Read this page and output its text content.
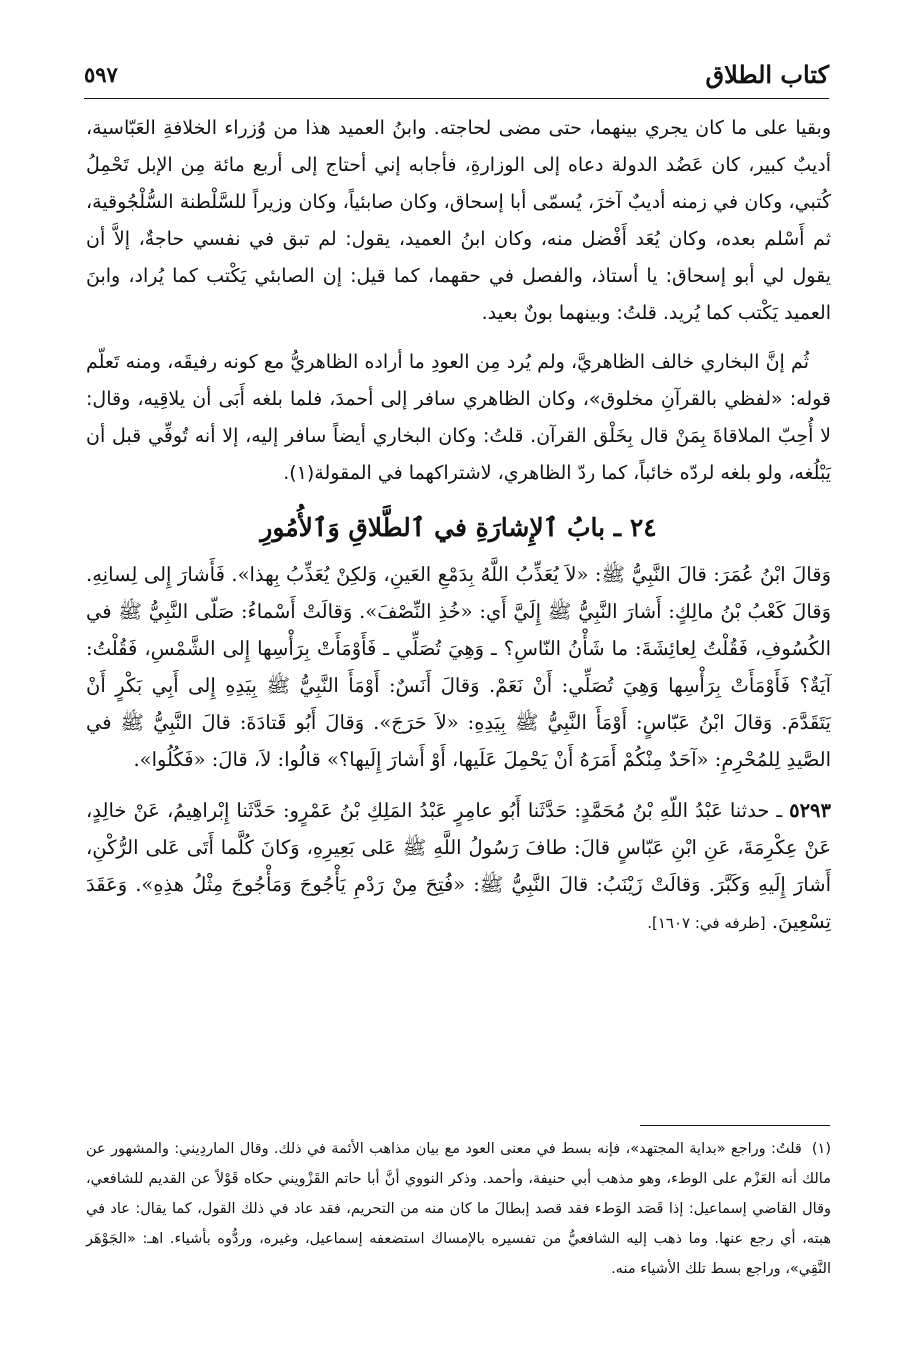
كتاب الطلاق
٥٩٧

وبقيا على ما كان يجري بينهما، حتى مضى لحاجته. وابنُ العميد هذا من وُزراء الخلافةِ العَبّاسية، أديبٌ كبير، كان عَضُد الدولة دعاه إلى الوزارةِ، فأجابه إني أحتاج إلى أربع مائة مِن الإبل تَحْمِلُ كُتبي، وكان في زمنه أديبٌ آخرَ، يُسمّى أبا إسحاق، وكان صابئياً، وكان وزيراً للسَّلْطنة السُّلْجُوقية، ثم أَسْلم بعده، وكان يُعَد أَفْضل منه، وكان ابنُ العميد، يقول: لم تبق في نفسي حاجةٌ، إلاَّ أن يقول لي أبو إسحاق: يا أستاذ، والفصل في حقهما، كما قيل: إن الصابئي يَكْتب كما يُراد، وابنَ العميد يَكْتب كما يُريد. قلتُ: وبينهما بونٌ بعيد.

ثُم إنَّ البخاري خالف الظاهريَّ، ولم يُرد مِن العودِ ما أراده الظاهريُّ مع كونه رفيقَه، ومنه تَعلّم قوله: «لفظي بالقرآنِ مخلوق»، وكان الظاهري سافر إلى أحمدَ، فلما بلغه أَبَى أن يلاقِيه، وقال: لا أُحِبّ الملاقاةَ بِمَنْ قال بِخَلْق القرآن. قلتُ: وكان البخاري أيضاً سافر إليه، إلا أنه تُوفِّي قبل أن يَبْلُغه، ولو بلغه لردّه خائباً، كما ردّ الظاهري، لاشتراكهما في المقولة(١).

٢٤ ـ بابُ ٱلإِشارَةِ في ٱلطَّلاقِ وَٱلأُمُورِ

وَقالَ ابْنُ عُمَرَ: قالَ النَّبِيُّ ﷺ: «لاَ يُعَذِّبُ اللَّهُ بِدَمْعِ العَينِ، وَلكِنْ يُعَذِّبُ بِهذا». فَأَشارَ إِلى لِسانِهِ. وَقالَ كَعْبُ بْنُ مالِكٍ: أَشارَ النَّبِيُّ ﷺ إِلَيَّ أَي: «خُذِ النِّصْفَ». وَقالَتْ أَسْماءُ: صَلّى النَّبِيُّ ﷺ في الكُسُوفِ، فَقُلْتُ لِعائِشَةَ: ما شَأْنُ النّاسِ؟ ـ وَهِيَ تُصَلِّي ـ فَأَوْمَأَتْ بِرَأْسِها إِلى الشَّمْسِ، فَقُلْتُ: آيَةٌ؟ فَأَوْمَأَتْ بِرَأْسِها وَهِيَ تُصَلِّي: أَنْ نَعَمْ. وَقالَ أَنَسٌ: أَوْمَأَ النَّبِيُّ ﷺ بِيَدِهِ إِلى أَبِي بَكْرٍ أَنْ يَتَقَدَّمَ. وَقالَ ابْنُ عَبّاسٍ: أَوْمَأَ النَّبِيُّ ﷺ بِيَدِهِ: «لاَ حَرَجَ». وَقالَ أَبُو قَتادَةَ: قالَ النَّبِيُّ ﷺ في الصَّيدِ لِلمُحْرِمِ: «آحَدٌ مِنْكُمْ أَمَرَهُ أَنْ يَحْمِلَ عَلَيها، أَوْ أَشارَ إِلَيها؟» قالُوا: لاَ، قالَ: «فَكُلُوا».

٥٢٩٣ ـ حدثنا عَبْدُ اللّهِ بْنُ مُحَمَّدٍ: حَدَّثَنا أَبُو عامِرٍ عَبْدُ المَلِكِ بْنُ عَمْرٍو: حَدَّثَنا إِبْراهِيمُ، عَنْ خالِدٍ، عَنْ عِكْرِمَةَ، عَنِ ابْنِ عَبّاسٍ قالَ: طافَ رَسُولُ اللَّهِ ﷺ عَلى بَعِيرِهِ، وَكانَ كُلَّما أَتَى عَلى الرُّكْنِ، أَشارَ إِلَيهِ وَكَبَّرَ. وَقالَتْ زَيْنَبُ: قالَ النَّبِيُّ ﷺ: «فُتِحَ مِنْ رَدْمِ يَأْجُوجَ وَمَأْجُوجَ مِثْلُ هذِهِ». وَعَقَدَ تِسْعِينَ. [طرفه في: ١٦٠٧].

(١)قلتُ: وراجع «بداية المجتهد»، فإنه بسط في معنى العود مع بيان مذاهب الأئمة في ذلك. وقال الماردِيني: والمشهور عن مالك أنه العَزْم على الوطء، وهو مذهب أبي حنيفة، وأحمد. وذكر النووي أنَّ أبا حاتم القَزْويني حكاه قَوْلاً عن القديم للشافعي، وقال القاضي إسماعيل: إذا قَصَد الوَطء فقد قصد إبطالَ ما كان منه من التحريم، فقد عاد في ذلك القول، كما يقال: عاد في هبته، أي رجع عنها. وما ذهب إليه الشافعيُّ من تفسيره بالإمساك استضعفه إسماعيل، وغيره، وردُّوه بأشياء. اهـ: «الجَوْهَر النَّقِي»، وراجع بسط تلك الأشياء منه.
